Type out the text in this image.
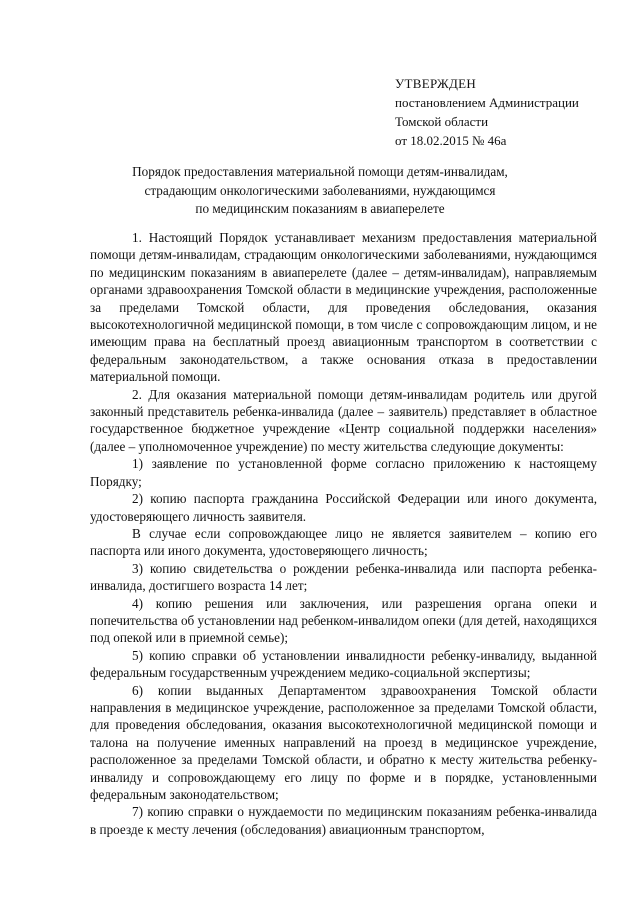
УТВЕРЖДЕН
постановлением Администрации
Томской области
от 18.02.2015 № 46а
Порядок предоставления материальной помощи детям-инвалидам,
страдающим онкологическими заболеваниями, нуждающимся
по медицинским показаниям в авиаперелете

1. Настоящий Порядок устанавливает механизм предоставления материальной помощи детям-инвалидам, страдающим онкологическими заболеваниями, нуждающимся по медицинским показаниям в авиаперелете (далее – детям-инвалидам), направляемым органами здравоохранения Томской области в медицинские учреждения, расположенные за пределами Томской области, для проведения обследования, оказания высокотехнологичной медицинской помощи, в том числе с сопровождающим лицом, и не имеющим права на бесплатный проезд авиационным транспортом в соответствии с федеральным законодательством, а также основания отказа в предоставлении материальной помощи.

2. Для оказания материальной помощи детям-инвалидам родитель или другой законный представитель ребенка-инвалида (далее – заявитель) представляет в областное государственное бюджетное учреждение «Центр социальной поддержки населения» (далее – уполномоченное учреждение) по месту жительства следующие документы:

1) заявление по установленной форме согласно приложению к настоящему Порядку;

2) копию паспорта гражданина Российской Федерации или иного документа, удостоверяющего личность заявителя.

В случае если сопровождающее лицо не является заявителем – копию его паспорта или иного документа, удостоверяющего личность;

3) копию свидетельства о рождении ребенка-инвалида или паспорта ребенка-инвалида, достигшего возраста 14 лет;

4) копию решения или заключения, или разрешения органа опеки и попечительства об установлении над ребенком-инвалидом опеки (для детей, находящихся под опекой или в приемной семье);

5) копию справки об установлении инвалидности ребенку-инвалиду, выданной федеральным государственным учреждением медико-социальной экспертизы;

6) копии выданных Департаментом здравоохранения Томской области направления в медицинское учреждение, расположенное за пределами Томской области, для проведения обследования, оказания высокотехнологичной медицинской помощи и талона на получение именных направлений на проезд в медицинское учреждение, расположенное за пределами Томской области, и обратно к месту жительства ребенку-инвалиду и сопровождающему его лицу по форме и в порядке, установленными федеральным законодательством;

7) копию справки о нуждаемости по медицинским показаниям ребенка-инвалида в проезде к месту лечения (обследования) авиационным транспортом,
